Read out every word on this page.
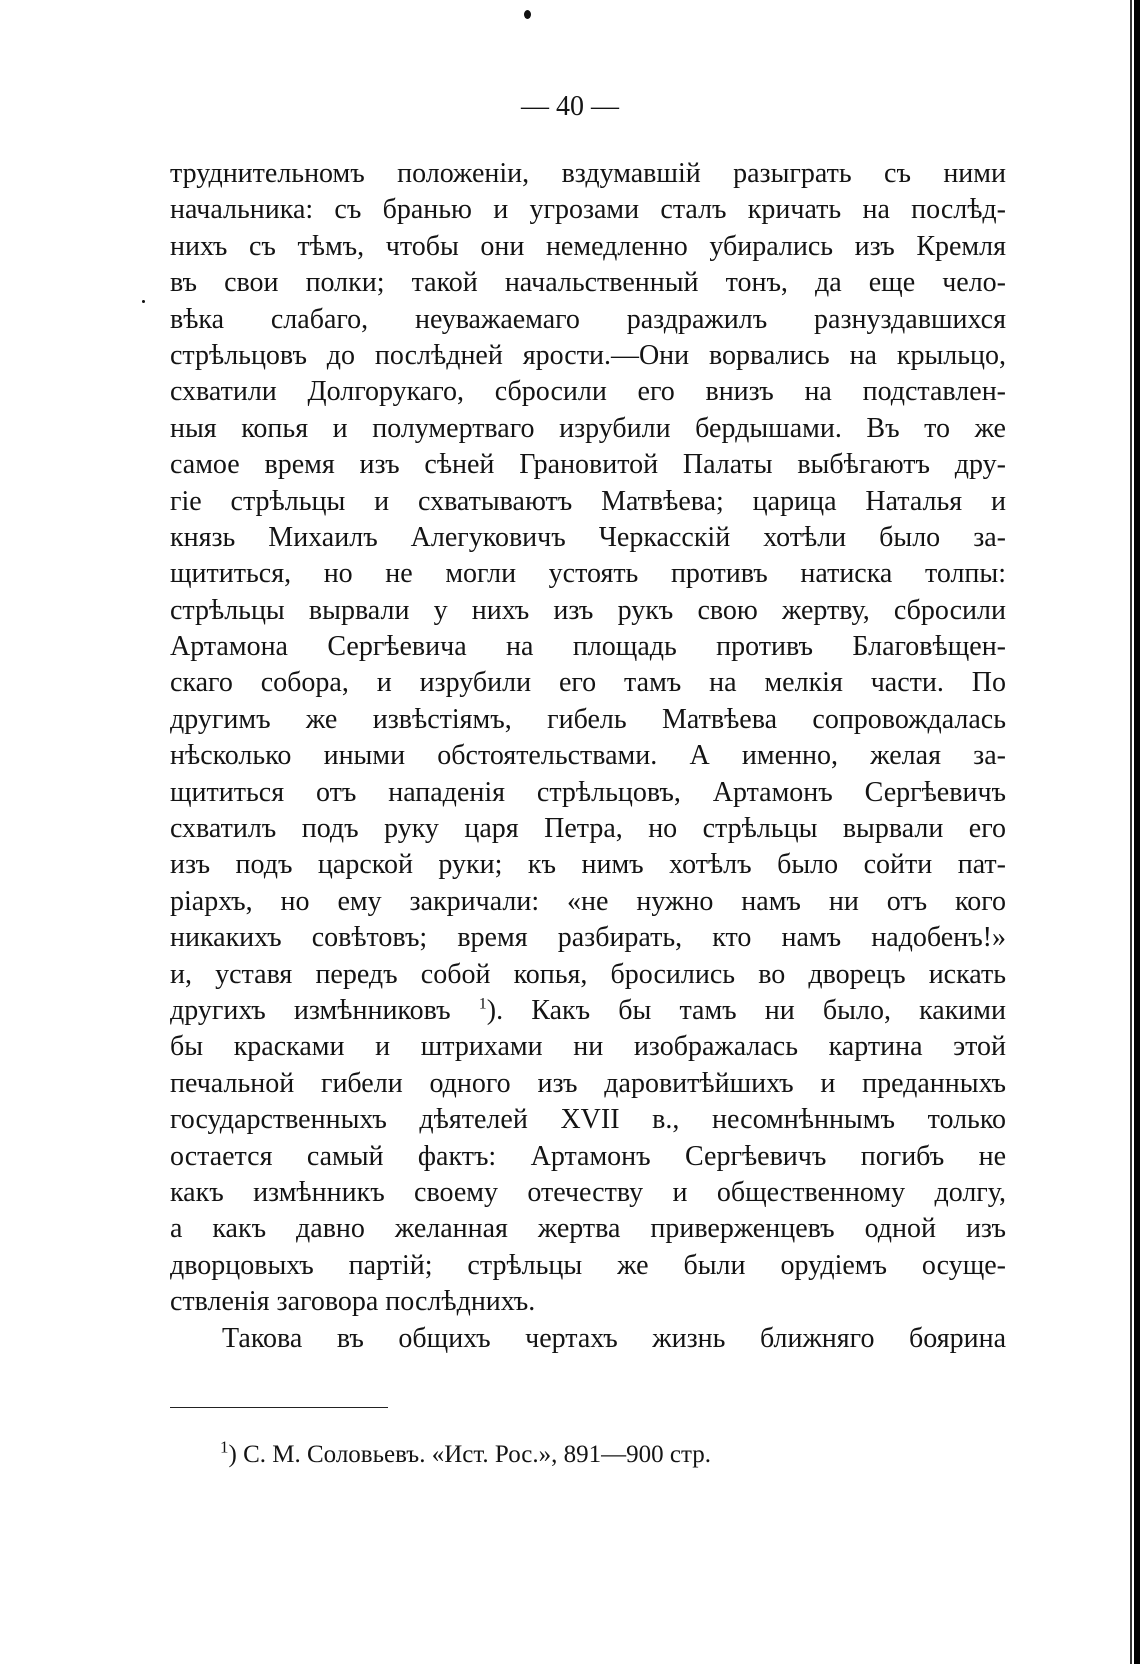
— 40 —
труднительномъ положенiи, вздумавшiй разыграть съ ними
начальника: съ бранью и угрозами сталъ кричать на послѣд-
нихъ съ тѣмъ, чтобы они немедленно убирались изъ Кремля
въ свои полки; такой начальственный тонъ, да еще чело-
вѣка слабаго, неуважаемаго раздражилъ разнуздавшихся
стрѣльцовъ до послѣдней ярости.—Они ворвались на крыльцо,
схватили Долгорукаго, сбросили его внизъ на подставлен-
ныя копья и полумертваго изрубили бердышами. Въ то же
самое время изъ сѣней Грановитой Палаты выбѣгаютъ дру-
гiе стрѣльцы и схватываютъ Матвѣева; царица Наталья и
князь Михаилъ Алегуковичъ Черкасскiй хотѣли было за-
щититься, но не могли устоять противъ натиска толпы:
стрѣльцы вырвали у нихъ изъ рукъ свою жертву, сбросили
Артамона Сергѣевича на площадь противъ Благовѣщен-
скаго собора, и изрубили его тамъ на мелкiя части. По
другимъ же извѣстiямъ, гибель Матвѣева сопровождалась
нѣсколько иными обстоятельствами. А именно, желая за-
щититься отъ нападенiя стрѣльцовъ, Артамонъ Сергѣевичъ
схватилъ подъ руку царя Петра, но стрѣльцы вырвали его
изъ подъ царской руки; къ нимъ хотѣлъ было сойти пат-
рiархъ, но ему закричали: «не нужно намъ ни отъ кого
никакихъ совѣтовъ; время разбирать, кто намъ надобенъ!»
и, уставя передъ собой копья, бросились во дворецъ искать
другихъ измѣнниковъ $^1$). Какъ бы тамъ ни было, какими
бы красками и штрихами ни изображалась картина этой
печальной гибели одного изъ даровитѣйшихъ и преданныхъ
государственныхъ дѣятелей XVII в., несомнѣннымъ только
остается самый фактъ: Артамонъ Сергѣевичъ погибъ не
какъ измѣнникъ своему отечеству и общественному долгу,
а какъ давно желанная жертва приверженцевъ одной изъ
дворцовыхъ партiй; стрѣльцы же были орудiемъ осуще-
ствленiя заговора послѣднихъ.
Такова въ общихъ чертахъ жизнь ближняго боярина
$^1$) С. М. Соловьевъ. «Ист. Рос.», 891—900 стр.
